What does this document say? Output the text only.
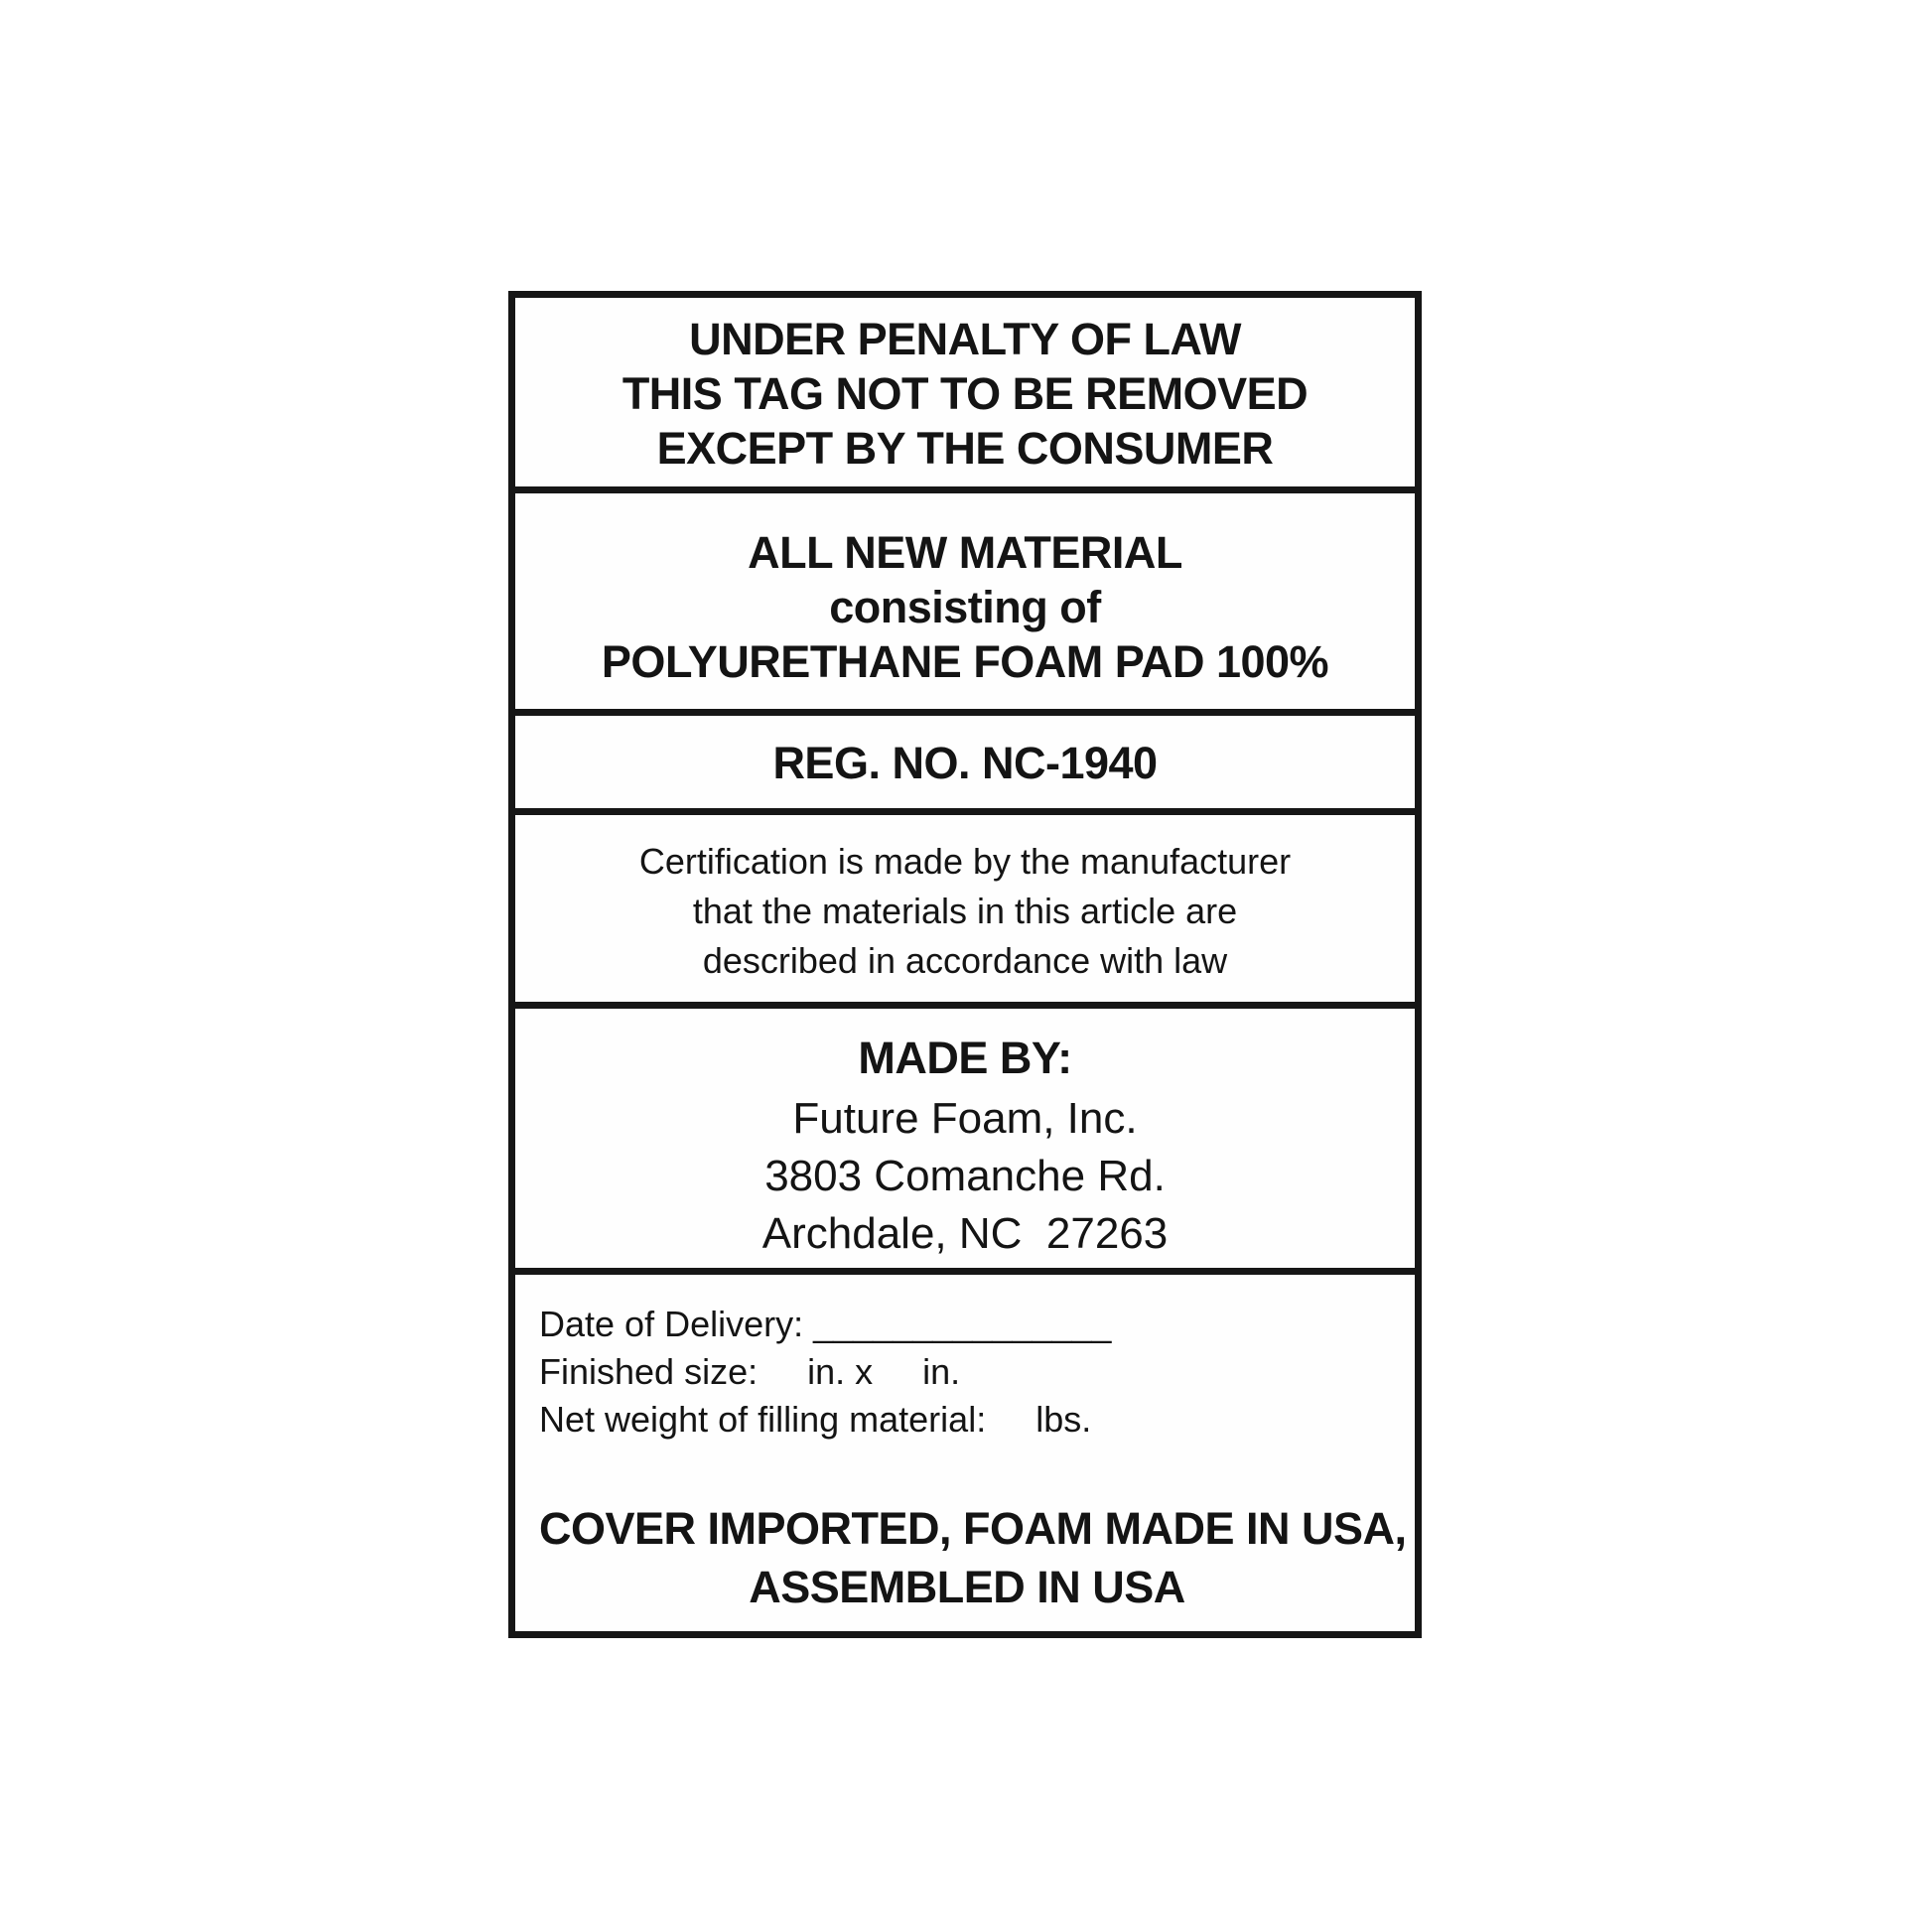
UNDER PENALTY OF LAW
THIS TAG NOT TO BE REMOVED
EXCEPT BY THE CONSUMER
ALL NEW MATERIAL
consisting of
POLYURETHANE FOAM PAD 100%
REG. NO. NC-1940
Certification is made by the manufacturer
that the materials in this article are
described in accordance with law
MADE BY:
Future Foam, Inc.
3803 Comanche Rd.
Archdale, NC  27263
Date of Delivery: _______________
Finished size:     in. x     in.
Net weight of filling material:     lbs.
COVER IMPORTED, FOAM MADE IN USA,
ASSEMBLED IN USA
